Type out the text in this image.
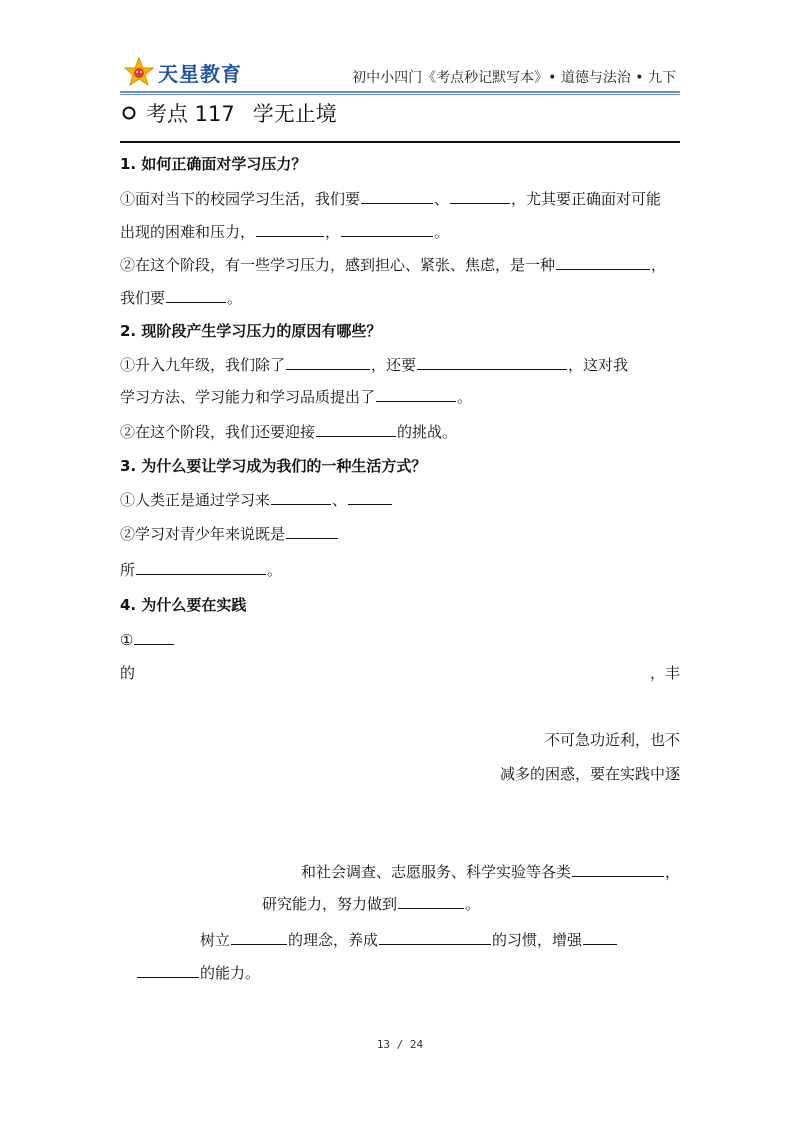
天星教育	初中小四门《考点秒记默写本》• 道德与法治 • 九下
考点 117 学无止境
1. 如何正确面对学习压力？
①面对当下的校园学习生活，我们要	、	，尤其要正确面对可能
出现的困难和压力，	，	。
②在这个阶段，有一些学习压力，感到担心、紧张、焦虑，是一种	，
我们要	。
2. 现阶段产生学习压力的原因有哪些？
①升入九年级，我们除了	，还要	，这对我
学习方法、学习能力和学习品质提出了	。
②在这个阶段，我们还要迎接	的挑战。
3. 为什么要让学习成为我们的一种生活方式？
①人类正是通过学习来	、
②学习对青少年来说既是
所	。
4. 为什么要在实践
①
的	，丰
不可急功近利，也不
减多的困惑，要在实践中逐
和社会调查、志愿服务、科学实验等各类	，
研究能力，努力做到	。
树立	的理念，养成	的习惯，增强
的能力。
13 / 24
